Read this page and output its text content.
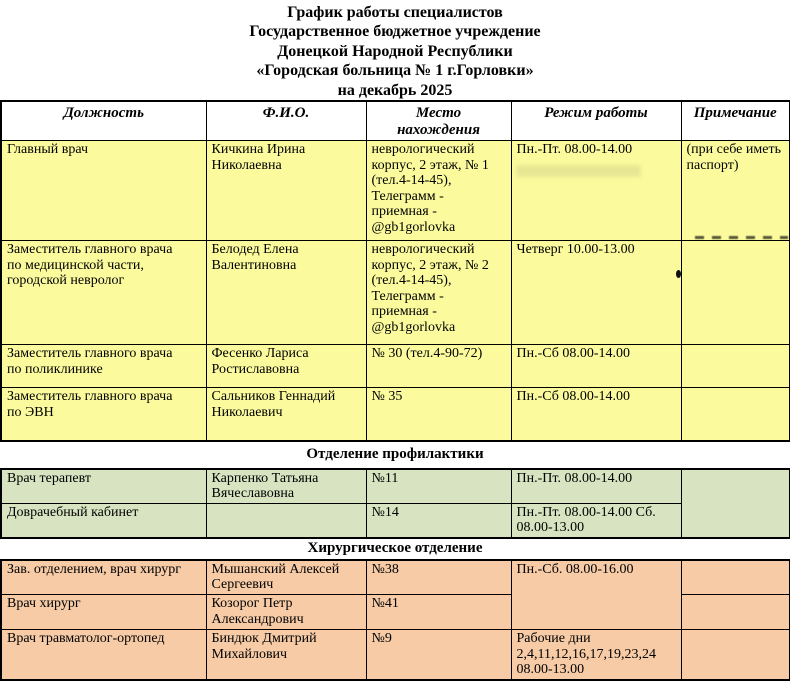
График работы специалистов
Государственное бюджетное учреждение
Донецкой Народной Республики
«Городская больница № 1 г.Горловки»
на декабрь 2025
Должность	Ф.И.О.	Место
нахождения	Режим работы	Примечание
Главный врач	Кичкина Ирина
Николаевна	неврологический
корпус, 2 этаж, № 1
(тел.4-14-45),
Телеграмм -
приемная -
@gb1gorlovka	Пн.-Пт. 08.00-14.00	(при себе иметь
паспорт)
Заместитель главного врача
по медицинской части,
городской невролог	Белодед Елена
Валентиновна	неврологический
корпус, 2 этаж, № 2
(тел.4-14-45),
Телеграмм -
приемная -
@gb1gorlovka	Четверг 10.00-13.00	
Заместитель главного врача
по поликлинике	Фесенко Лариса
Ростиславовна	№ 30 (тел.4-90-72)	Пн.-Сб 08.00-14.00	
Заместитель главного врача
по ЭВН	Сальников Геннадий
Николаевич	№ 35	Пн.-Сб 08.00-14.00	
Отделение профилактики
Врач терапевт	Карпенко Татьяна
Вячеславовна	№11	Пн.-Пт. 08.00-14.00	
Доврачебный кабинет		№14	Пн.-Пт. 08.00-14.00 Сб.
08.00-13.00	
Хирургическое отделение
Зав. отделением, врач хирург	Мышанский Алексей
Сергеевич	№38	Пн.-Сб. 08.00-16.00	
Врач хирург	Козорог Петр
Александрович	№41		
Врач травматолог-ортопед	Биндюк Дмитрий
Михайлович	№9	Рабочие дни
2,4,11,12,16,17,19,23,24
08.00-13.00	
